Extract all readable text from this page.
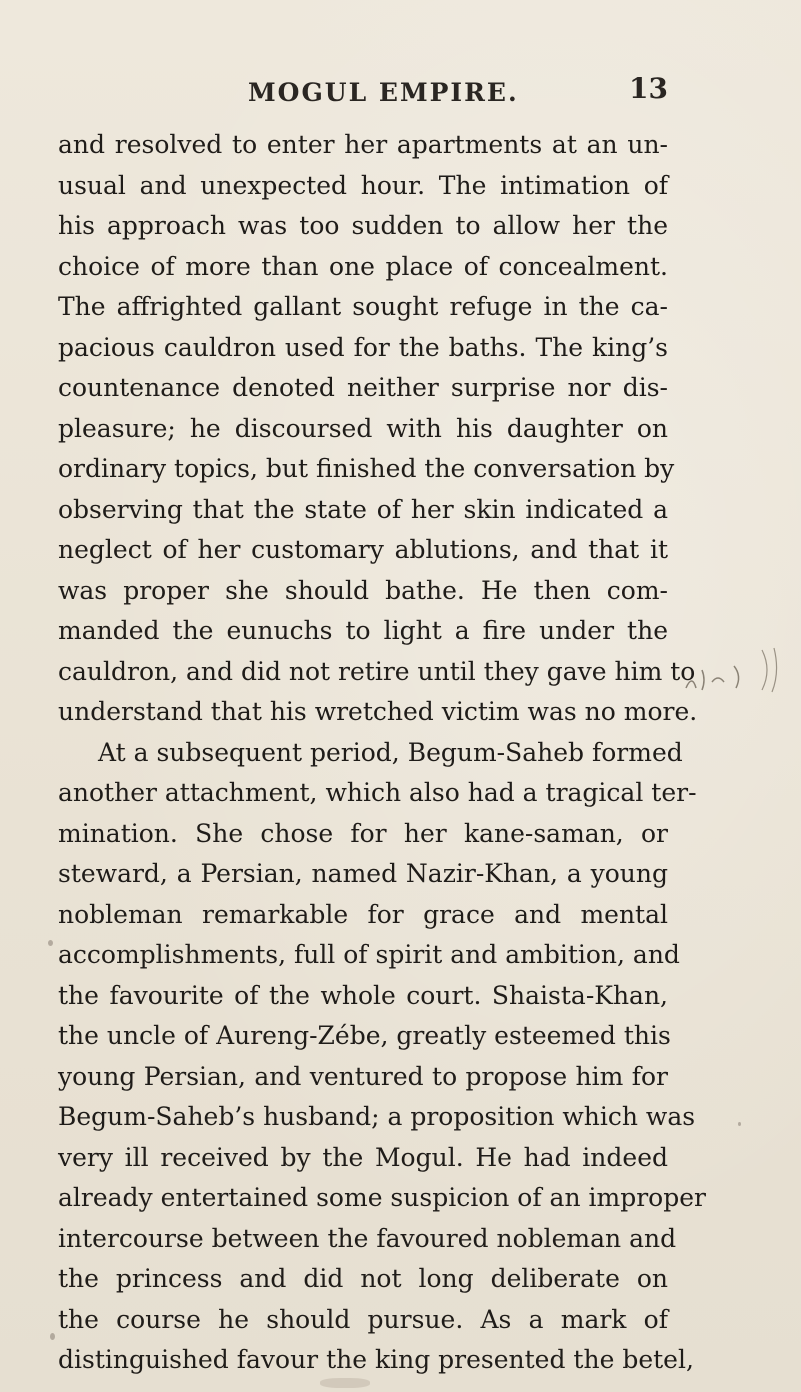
MOGUL EMPIRE.	13
and resolved to enter her apartments at an un-
usual and unexpected hour. The intimation of
his approach was too sudden to allow her the
choice of more than one place of concealment.
The affrighted gallant sought refuge in the ca-
pacious cauldron used for the baths. The king’s
countenance denoted neither surprise nor dis-
pleasure; he discoursed with his daughter on
ordinary topics, but finished the conversation by
observing that the state of her skin indicated a
neglect of her customary ablutions, and that it
was proper she should bathe. He then com-
manded the eunuchs to light a fire under the
cauldron, and did not retire until they gave him to
understand that his wretched victim was no more.
At a subsequent period, Begum-Saheb formed
another attachment, which also had a tragical ter-
mination. She chose for her kane-saman, or
steward, a Persian, named Nazir-Khan, a young
nobleman remarkable for grace and mental
accomplishments, full of spirit and ambition, and
the favourite of the whole court. Shaista-Khan,
the uncle of Aureng-Zébe, greatly esteemed this
young Persian, and ventured to propose him for
Begum-Saheb’s husband; a proposition which was
very ill received by the Mogul. He had indeed
already entertained some suspicion of an improper
intercourse between the favoured nobleman and
the princess and did not long deliberate on
the course he should pursue. As a mark of
distinguished favour the king presented the betel,
